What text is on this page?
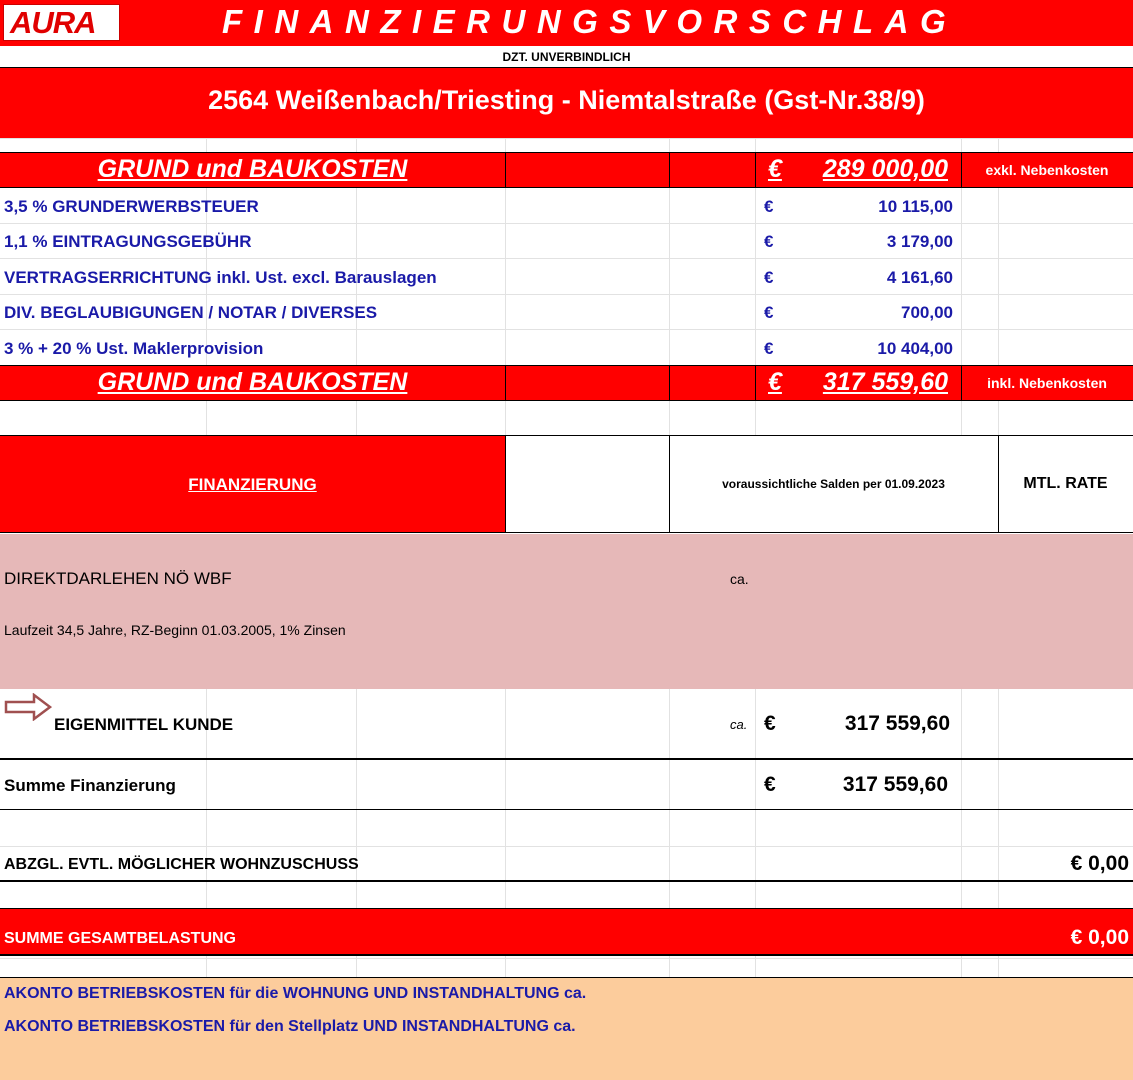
AURA	FINANZIERUNGSVORSCHLAG
DZT. UNVERBINDLICH
2564 Weißenbach/Triesting - Niemtalstraße (Gst-Nr.38/9)
GRUND und BAUKOSTEN	€	289 000,00	exkl. Nebenkosten
3,5 % GRUNDERWERBSTEUER	€	10 115,00
1,1 % EINTRAGUNGSGEBÜHR	€	3 179,00
VERTRAGSERRICHTUNG inkl. Ust. excl. Barauslagen	€	4 161,60
DIV. BEGLAUBIGUNGEN / NOTAR / DIVERSES	€	700,00
3 % + 20 % Ust. Maklerprovision	€	10 404,00
GRUND und BAUKOSTEN	€	317 559,60	inkl. Nebenkosten
FINANZIERUNG	voraussichtliche Salden per 01.09.2023	MTL. RATE
DIREKTDARLEHEN NÖ WBF	ca.
Laufzeit 34,5 Jahre, RZ-Beginn 01.03.2005, 1% Zinsen
EIGENMITTEL KUNDE	ca. €	317 559,60
Summe Finanzierung	€	317 559,60
ABZGL. EVTL. MÖGLICHER WOHNZUSCHUSS	€ 0,00
SUMME GESAMTBELASTUNG	€ 0,00
AKONTO BETRIEBSKOSTEN für die WOHNUNG UND INSTANDHALTUNG ca.
AKONTO BETRIEBSKOSTEN für den Stellplatz UND INSTANDHALTUNG ca.
